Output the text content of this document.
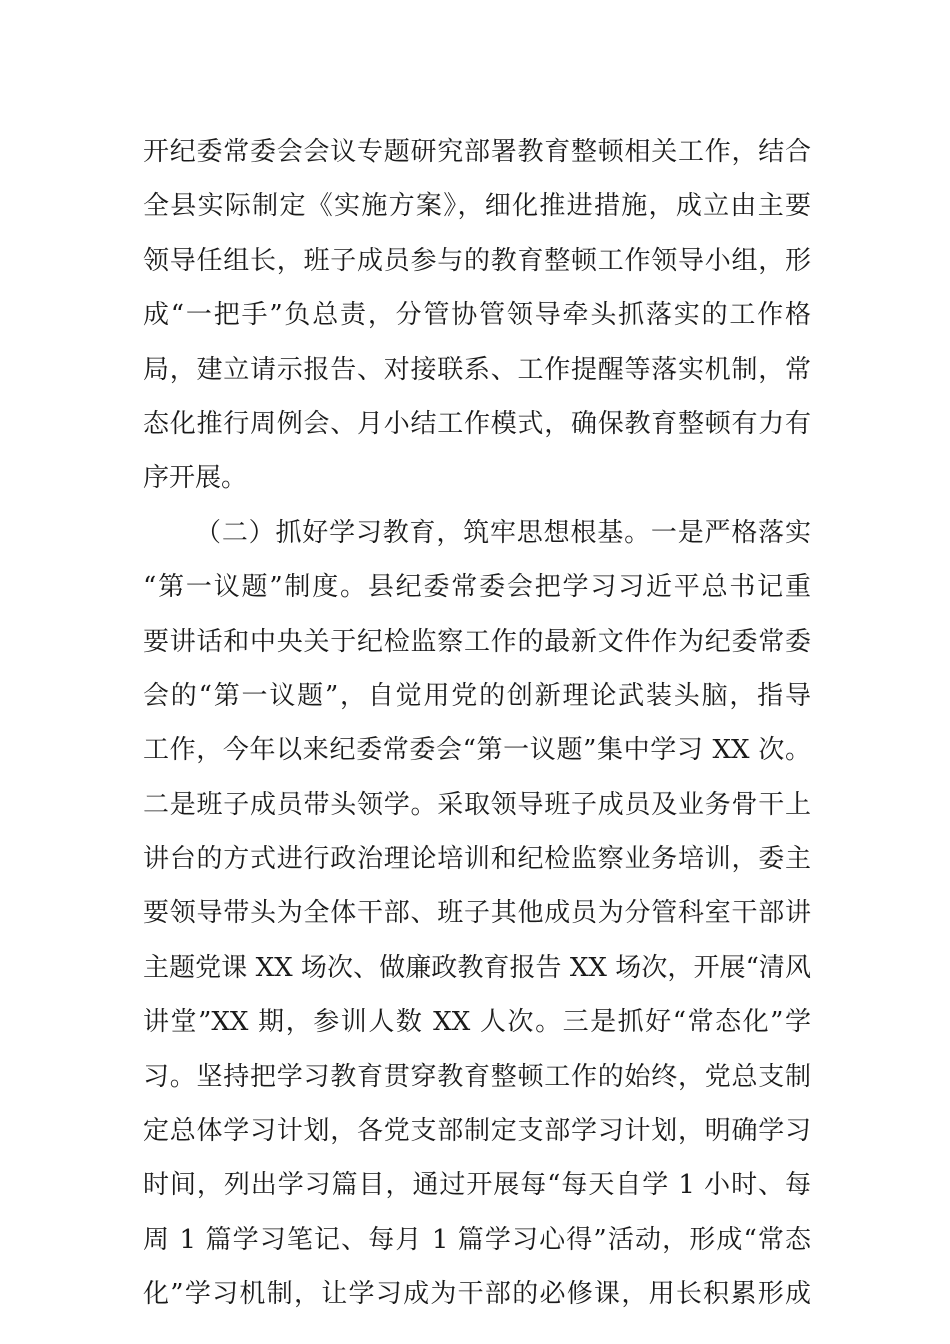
开纪委常委会会议专题研究部署教育整顿相关工作，结合
全县实际制定《实施方案》，细化推进措施，成立由主要
领导任组长，班子成员参与的教育整顿工作领导小组，形
成“一把手”负总责，分管协管领导牵头抓落实的工作格
局，建立请示报告、对接联系、工作提醒等落实机制，常
态化推行周例会、月小结工作模式，确保教育整顿有力有
序开展。
（二）抓好学习教育，筑牢思想根基。一是严格落实
“第一议题”制度。县纪委常委会把学习习近平总书记重
要讲话和中央关于纪检监察工作的最新文件作为纪委常委
会的“第一议题”，自觉用党的创新理论武装头脑，指导
工作，今年以来纪委常委会“第一议题”集中学习 XX 次。
二是班子成员带头领学。采取领导班子成员及业务骨干上
讲台的方式进行政治理论培训和纪检监察业务培训，委主
要领导带头为全体干部、班子其他成员为分管科室干部讲
主题党课 XX 场次、做廉政教育报告 XX 场次，开展“清风
讲堂”XX 期，参训人数 XX 人次。三是抓好“常态化”学
习。坚持把学习教育贯穿教育整顿工作的始终，党总支制
定总体学习计划，各党支部制定支部学习计划，明确学习
时间，列出学习篇目，通过开展每“每天自学 1 小时、每
周 1 篇学习笔记、每月 1 篇学习心得”活动，形成“常态
化”学习机制，让学习成为干部的必修课，用长积累形成
